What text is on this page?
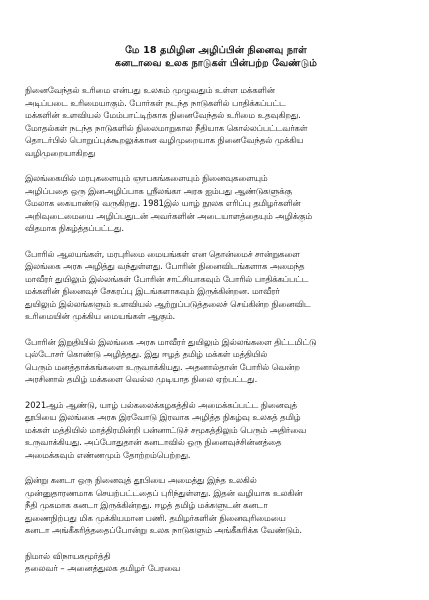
மே 18 தமிழின அழிப்பின் நினைவு நாள்
கனடாவை உலக நாடுகள் பின்பற்ற வேண்டும்

நினைவேந்தல் உரிமை என்பது உலகம் முழுவதும் உள்ள மக்களின்
அடிப்படை உரிமையாகும். போர்கள் நடந்த நாடுகளில் பாதிக்கப்பட்ட
மக்களின் உளவியல் மேம்பாட்டிற்காக நினைவேந்தல் உரிமை உதவுகிறது.
மோதல்கள் நடந்த நாடுகளில் நிலைமாறுகால நீதியாக கொல்லப்பட்டவர்கள்
தொடர்பில் பொறுப்புக்கூறலுக்கான வழிமுறையாக நினைவேந்தல் முக்கிய
வழிமுறையாகிறது

இலங்கையில் மரபுகளையும் ஞாபகங்களையும் நினைவுகளையும்
அழிப்பதை ஒரு இனஅழிப்பாக ஸ்ரீலங்கா அரசு ஐம்பது ஆண்டுகளுக்கு
மேலாக கையாண்டு வருகிறது. 1981இல் யாழ் நூலக எரிப்பு தமிழர்களின்
அறிவுடைமையை அழிப்பதுடன் அவர்களின் அடையாளத்தையும் அழிக்கும்
விதமாக நிகழ்த்தப்பட்டது.

போரில் ஆலயங்கள், மரபுரிமை மையங்கள் என தொன்மைச் சான்றுகளை
இலங்கை அரசு அழித்து வந்துள்ளது. போரின் நினைவிடங்களாக அமைந்த
மாவீரர் துயிலும் இல்லங்கள் போரின் சாட்சியாகவும் போரில் பாதிக்கப்பட்ட
மக்களின் நினைவுச் சேகரப்பு இடங்களாகவும் இருக்கின்றன. மாவீரர்
துயிலும் இல்லங்களும் உளவியல் ஆற்றுப்படுத்தலைச் செய்கின்ற நினைவிட
உரிமையின் முக்கிய மையங்கள் ஆகும்.

போரின் இறுதியில் இலங்கை அரசு மாவீரர் துயிலும் இல்லங்களை திட்டமிட்டு
புல்டோசர் கொண்டு அழித்தது. இது ஈழத் தமிழ் மக்கள் மத்தியில்
பெரும் மனத்தாக்கங்களை உருவாக்கியது. அதனால்தான் போரில் வென்ற
அரசினால் தமிழ் மக்களை வெல்ல முடியாத நிலை ஏற்பட்டது.

2021ஆம் ஆண்டு, யாழ் பல்கலைக்கழகத்தில் அமைக்கப்பட்ட நினைவுத்
தூபியை இலங்கை அரசு இரவோடு இரவாக அழித்த நிகழ்வு உலகத் தமிழ்
மக்கள் மத்தியில் மாத்திரமின்றி பன்னாட்டுச் சமூகத்திலும் பெரும் அதிர்வை
உருவாக்கியது. அப்போதுதான் கனடாவில் ஒரு நினைவுச்சின்னத்தை
அமைக்கவும் எண்ணமும் தோற்றம்பெற்றது.

இன்று கனடா ஒரு நினைவுத் தூபியை அமைத்து இந்த உலகில்
முன்னுதாரணமாக செயற்பட்டதைப் புரிந்துள்ளது. இதன் வழியாக உலகின்
நீதி முகமாக கனடா இருக்கின்றது. ஈழத் தமிழ் மக்களுடன் கனடா
துணைநிற்பது மிக முக்கியமான பணி. தமிழர்களின் நினைவுரிமையை
கனடா அங்கீகரித்ததைப்போன்று உலக நாடுகளும் அங்கீகரிக்க வேண்டும்.

நிமால் விநாயகமூர்த்தி

தலைவர் – அனைத்துலக தமிழர் பேரவை
